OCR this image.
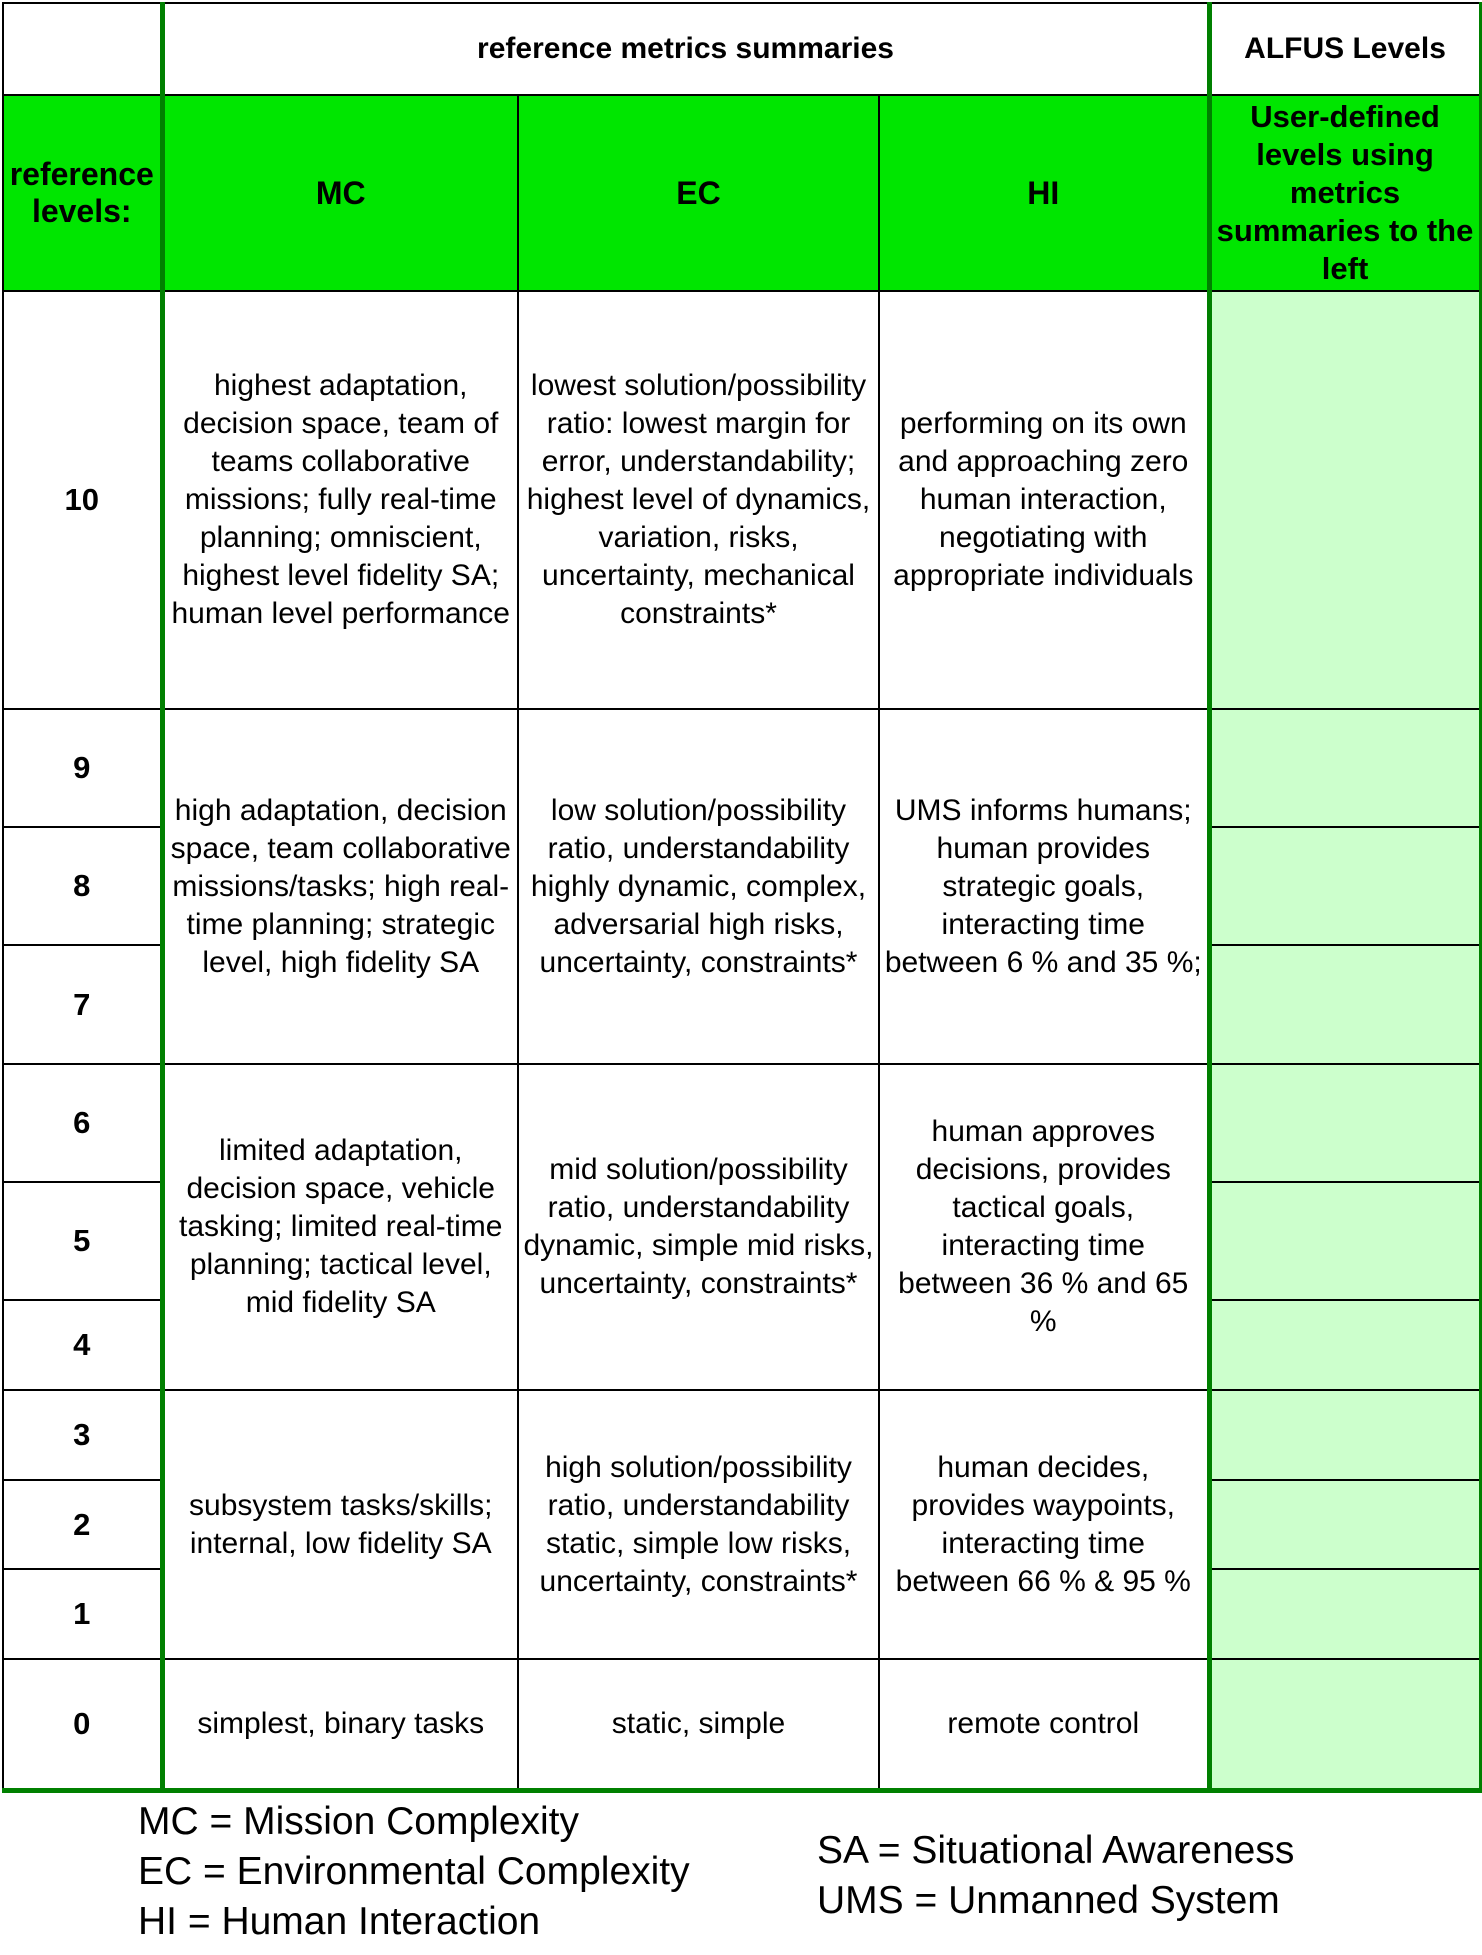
	reference metrics summaries			ALFUS Levels
reference levels:	MC	EC	HI	User-defined levels using metrics summaries to the left
10	highest adaptation, decision space, team of teams collaborative missions; fully real-time planning; omniscient, highest level fidelity SA; human level performance	lowest solution/possibility ratio: lowest margin for error, understandability; highest level of dynamics, variation, risks, uncertainty, mechanical constraints*	performing on its own and approaching zero human interaction, negotiating with appropriate individuals	
9	high adaptation, decision space, team collaborative missions/tasks; high real-time planning; strategic level, high fidelity SA	low solution/possibility ratio, understandability highly dynamic, complex, adversarial high risks, uncertainty, constraints*	UMS informs humans; human provides strategic goals, interacting time between 6 % and 35 %;	
8				
7				
6	limited adaptation, decision space, vehicle tasking; limited real-time planning; tactical level, mid fidelity SA	mid solution/possibility ratio, understandability dynamic, simple mid risks, uncertainty, constraints*	human approves decisions, provides tactical goals, interacting time between 36 % and 65 %	
5				
4				
3	subsystem tasks/skills; internal, low fidelity SA	high solution/possibility ratio, understandability static, simple low risks, uncertainty, constraints*	human decides, provides waypoints, interacting time between 66 % & 95 %	
2				
1				
0	simplest, binary tasks	static, simple	remote control	
MC = Mission Complexity
EC = Environmental Complexity
HI = Human Interaction
SA = Situational Awareness
UMS = Unmanned System
